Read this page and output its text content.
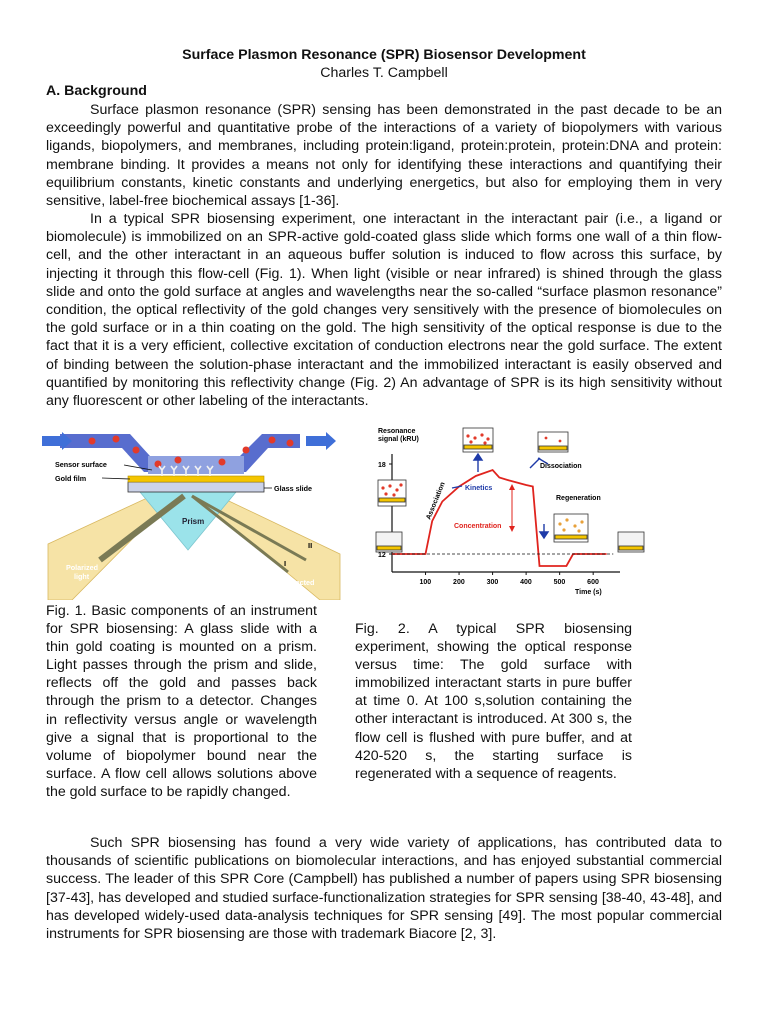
Surface Plasmon Resonance (SPR) Biosensor Development
Charles T. Campbell
A. Background

Surface plasmon resonance (SPR) sensing has been demonstrated in the past decade to be an exceedingly powerful and quantitative probe of the interactions of a variety of biopolymers with various ligands, biopolymers, and membranes, including protein:ligand, protein:protein, protein:DNA and protein: membrane binding. It provides a means not only for identifying these interactions and quantifying their equilibrium constants, kinetic constants and underlying energetics, but also for employing them in very sensitive, label-free biochemical assays [1-36].

In a typical SPR biosensing experiment, one interactant in the interactant pair (i.e., a ligand or biomolecule) is immobilized on an SPR-active gold-coated glass slide which forms one wall of a thin flow-cell, and the other interactant in an aqueous buffer solution is induced to flow across this surface, by injecting it through this flow-cell (Fig. 1). When light (visible or near infrared) is shined through the glass slide and onto the gold surface at angles and wavelengths near the so-called “surface plasmon resonance” condition, the optical reflectivity of the gold changes very sensitively with the presence of biomolecules on the gold surface or in a thin coating on the gold. The high sensitivity of the optical response is due to the fact that it is a very efficient, collective excitation of conduction electrons near the gold surface. The extent of binding between the solution-phase interactant and the immobilized interactant is easily observed and quantified by monitoring this reflectivity change (Fig. 2) An advantage of SPR is its high sensitivity without any fluorescent or other labeling of the interactants.

Flow channel
Sensor surface
Gold film
Glass slide
Prism
Polarized
light
Reflected
light
I
II
Resonance
signal (kRU)
Time (s)
100	200	300	400	500	600
12
18
Kinetics
Concentration
Dissociation
Regeneration
Association

Fig. 1. Basic components of an instrument for SPR biosensing: A glass slide with a thin gold coating is mounted on a prism. Light passes through the prism and slide, reflects off the gold and passes back through the prism to a detector. Changes in reflectivity versus angle or wavelength give a signal that is proportional to the volume of biopolymer bound near the surface. A flow cell allows solutions above the gold surface to be rapidly changed.

Fig. 2. A typical SPR biosensing experiment, showing the optical response versus time: The gold surface with immobilized interactant starts in pure buffer at time 0. At 100 s,solution containing the other interactant is introduced. At 300 s, the flow cell is flushed with pure buffer, and at 420-520 s, the starting surface is regenerated with a sequence of reagents.

Such SPR biosensing has found a very wide variety of applications, has contributed data to thousands of scientific publications on biomolecular interactions, and has enjoyed substantial commercial success. The leader of this SPR Core (Campbell) has published a number of papers using SPR biosensing [37-43], has developed and studied surface-functionalization strategies for SPR sensing [38-40, 43-48], and has developed widely-used data-analysis techniques for SPR sensing [49]. The most popular commercial instruments for SPR biosensing are those with trademark Biacore [2, 3].
